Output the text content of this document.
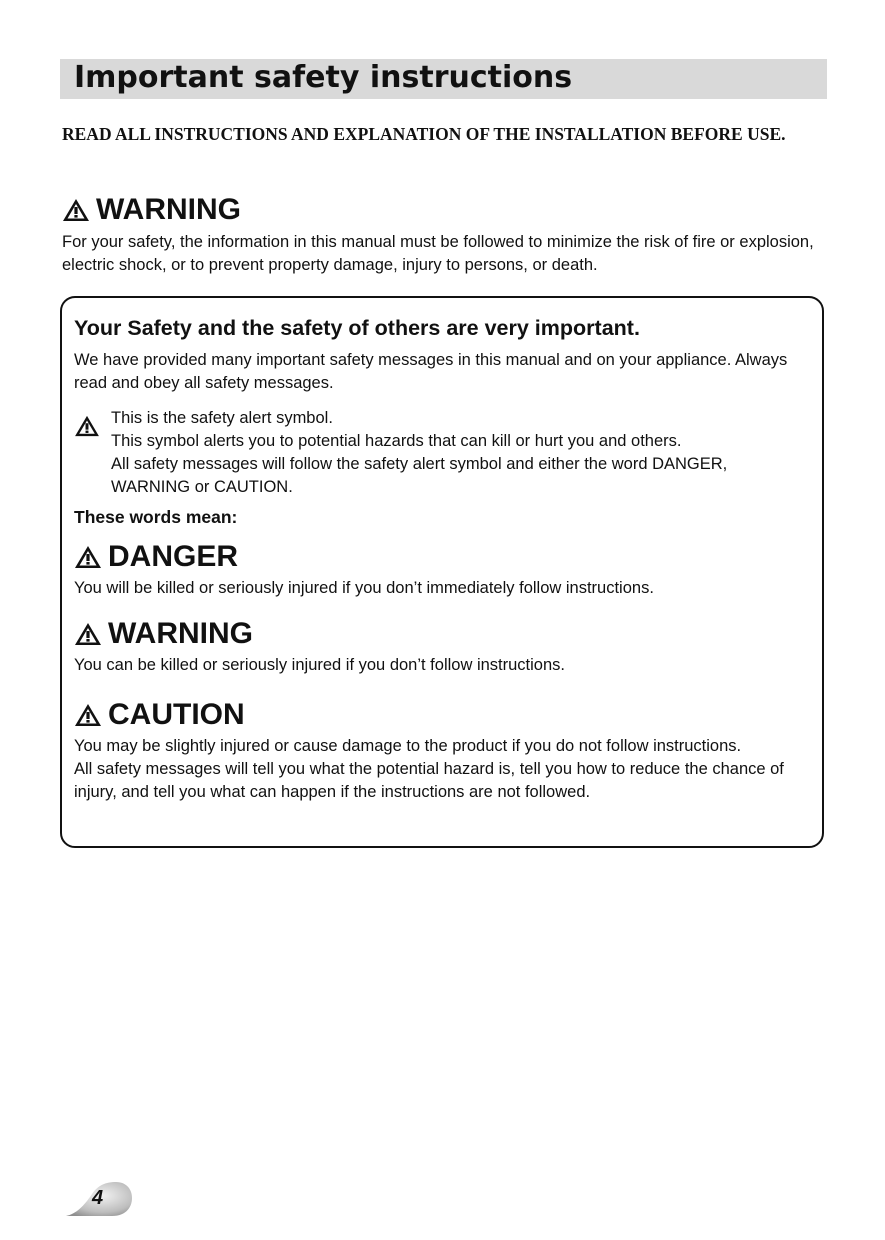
Important safety instructions
READ ALL INSTRUCTIONS AND EXPLANATION OF THE INSTALLATION BEFORE USE.
WARNING

For your safety, the information in this manual must be followed to minimize the risk of fire or explosion, electric shock, or to prevent property damage, injury to persons, or death.

Your Safety and the safety of others are very important.

We have provided many important safety messages in this manual and on your appliance. Always read and obey all safety messages.

This is the safety alert symbol.

This symbol alerts you to potential hazards that can kill or hurt you and others.

All safety messages will follow the safety alert symbol and either the word DANGER,

WARNING or CAUTION.

These words mean:
DANGER

You will be killed or seriously injured if you don’t immediately follow instructions.

WARNING

You can be killed or seriously injured if you don’t follow instructions.

CAUTION

You may be slightly injured or cause damage to the product if you do not follow instructions.

All safety messages will tell you what the potential hazard is, tell you how to reduce the chance of injury, and tell you what can happen if the instructions are not followed.

4
